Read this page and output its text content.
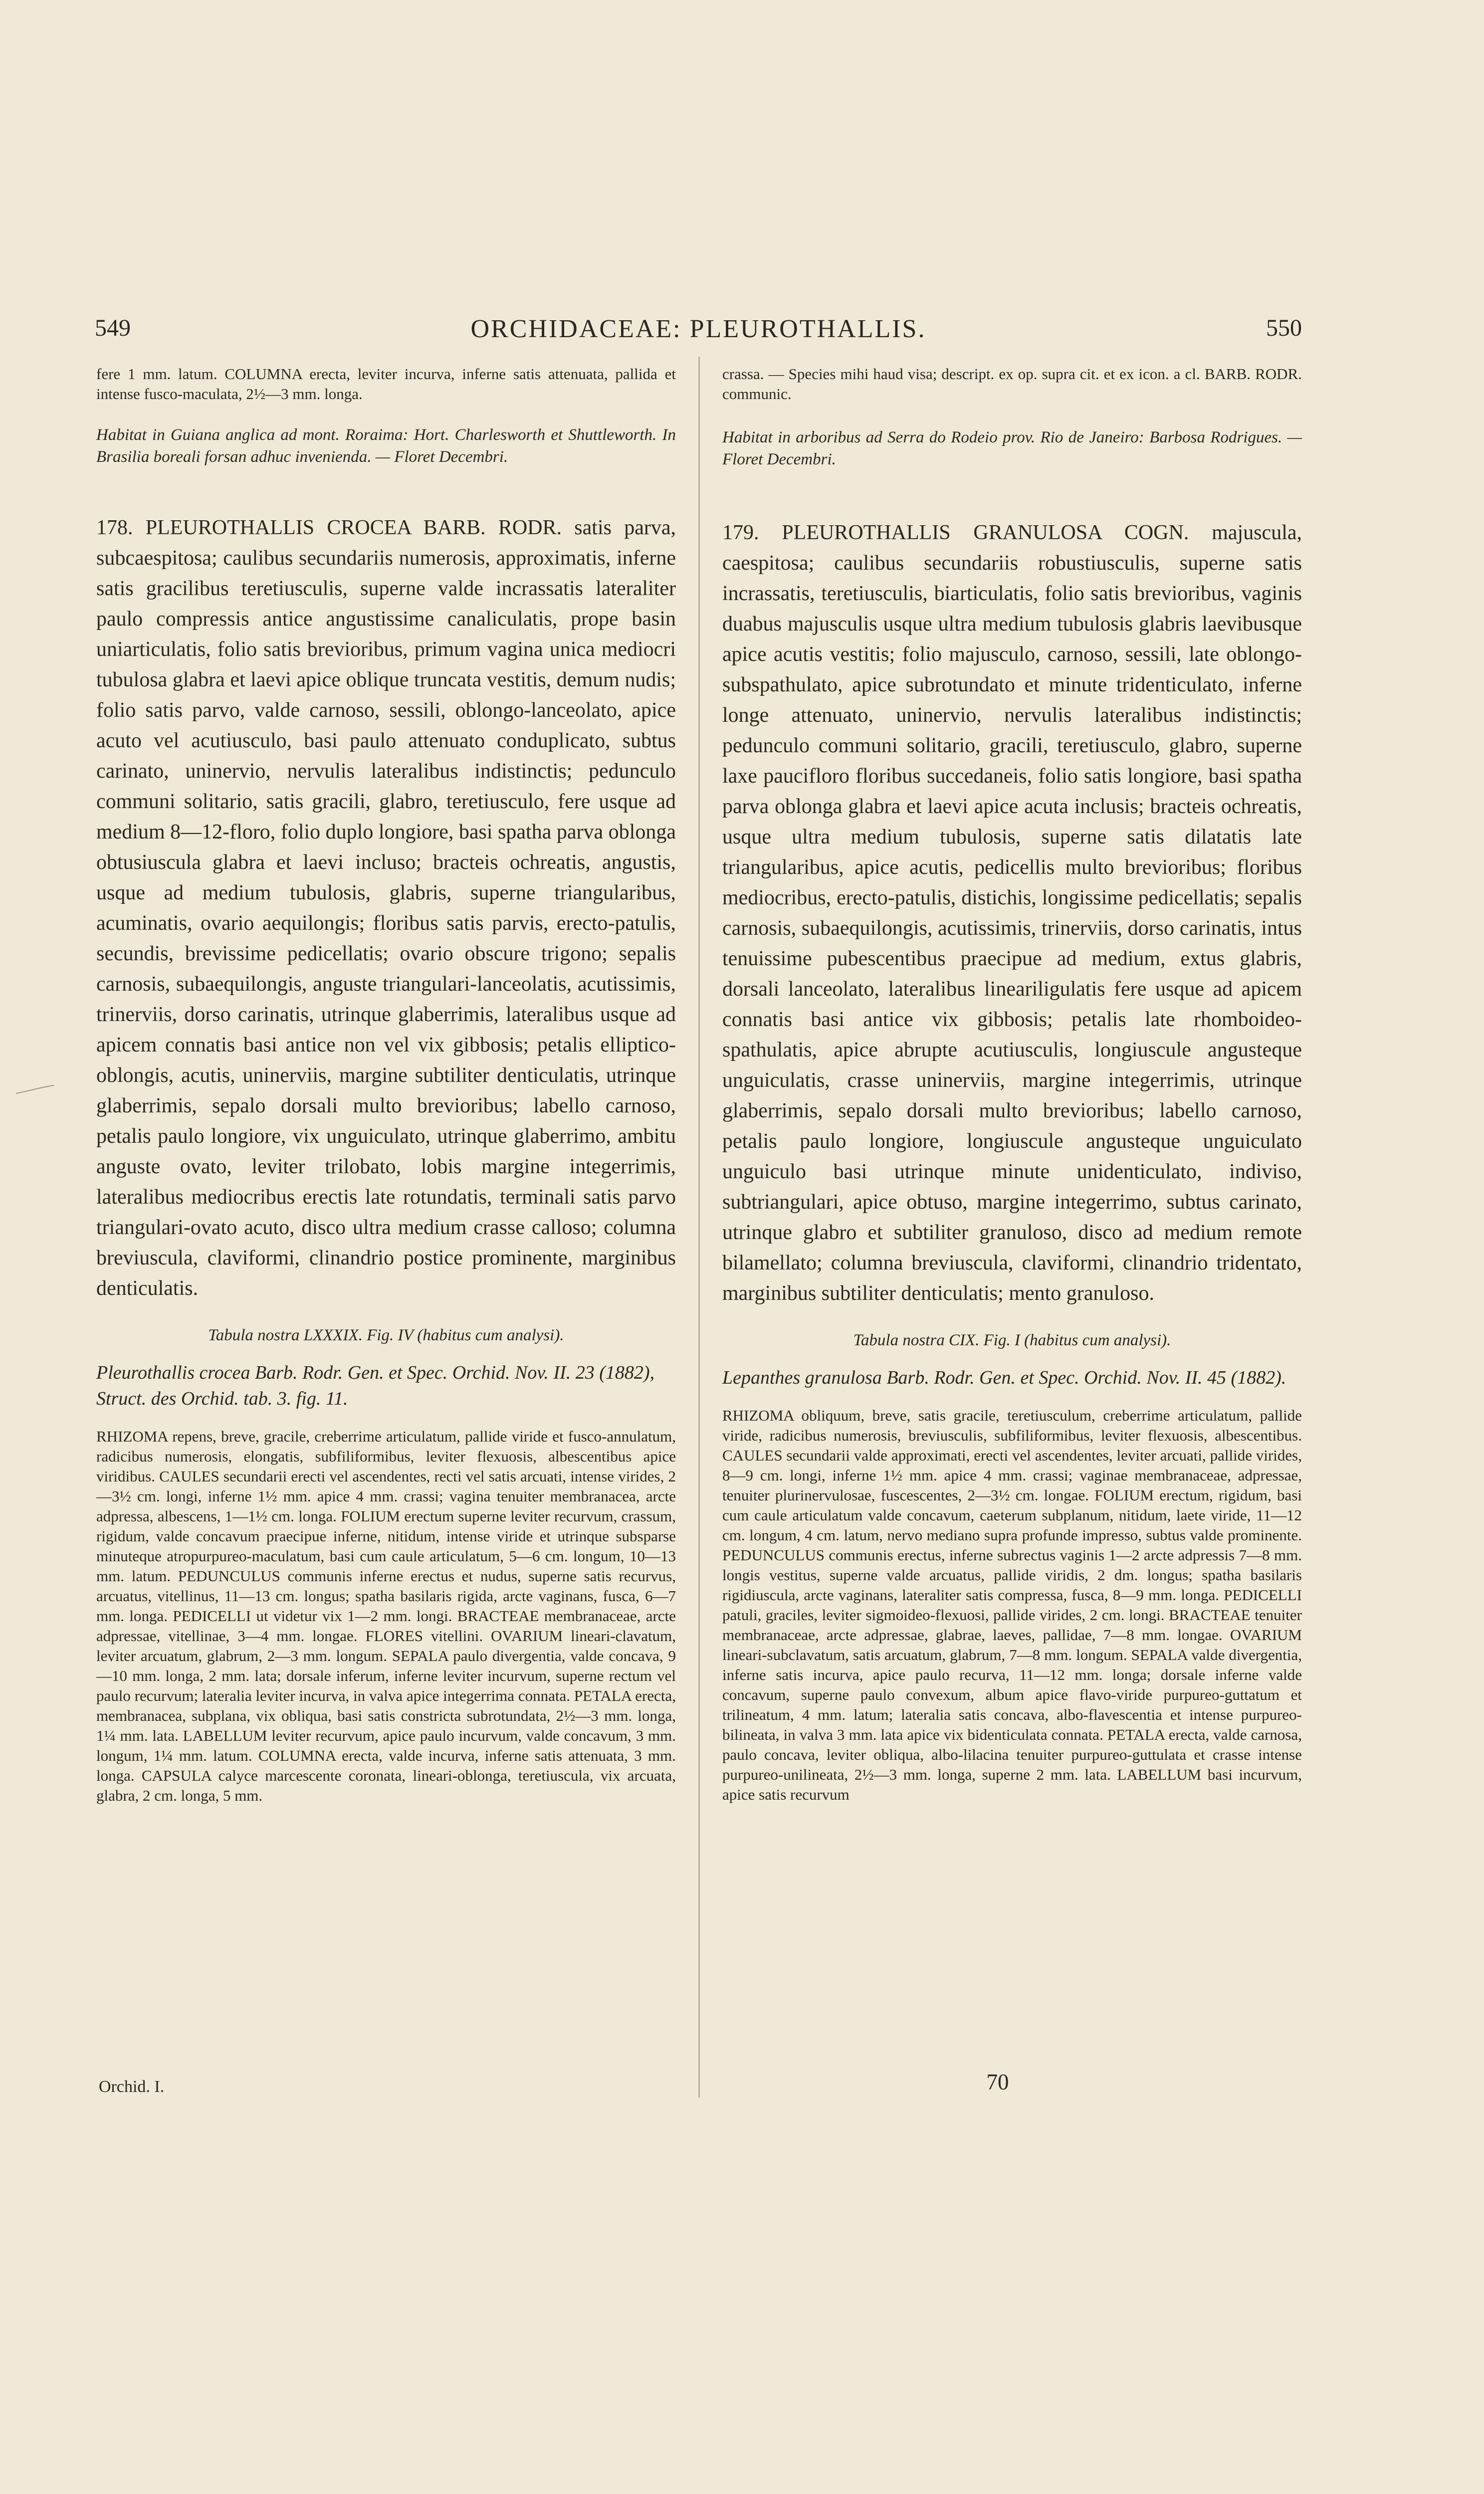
549	ORCHIDACEAE: PLEUROTHALLIS.	550

fere 1 mm. latum. COLUMNA erecta, leviter incurva, inferne satis attenuata, pallida et intense fusco-maculata, 2½—3 mm. longa.

Habitat in Guiana anglica ad mont. Roraima: Hort. Charlesworth et Shuttleworth. In Brasilia boreali forsan adhuc invenienda. — Floret Decembri.

178. PLEUROTHALLIS CROCEA BARB. RODR. satis parva, subcaespitosa; caulibus secundariis numerosis, approximatis, inferne satis gracilibus teretiusculis, superne valde incrassatis lateraliter paulo compressis antice angustissime canaliculatis, prope basin uniarticulatis, folio satis brevioribus, primum vagina unica mediocri tubulosa glabra et laevi apice oblique truncata vestitis, demum nudis; folio satis parvo, valde carnoso, sessili, oblongo-lanceolato, apice acuto vel acutiusculo, basi paulo attenuato conduplicato, subtus carinato, uninervio, nervulis lateralibus indistinctis; pedunculo communi solitario, satis gracili, glabro, teretiusculo, fere usque ad medium 8—12-floro, folio duplo longiore, basi spatha parva oblonga obtusiuscula glabra et laevi incluso; bracteis ochreatis, angustis, usque ad medium tubulosis, glabris, superne triangularibus, acuminatis, ovario aequilongis; floribus satis parvis, erecto-patulis, secundis, brevissime pedicellatis; ovario obscure trigono; sepalis carnosis, subaequilongis, anguste triangulari-lanceolatis, acutissimis, trinerviis, dorso carinatis, utrinque glaberrimis, lateralibus usque ad apicem connatis basi antice non vel vix gibbosis; petalis elliptico-oblongis, acutis, uninerviis, margine subtiliter denticulatis, utrinque glaberrimis, sepalo dorsali multo brevioribus; labello carnoso, petalis paulo longiore, vix unguiculato, utrinque glaberrimo, ambitu anguste ovato, leviter trilobato, lobis margine integerrimis, lateralibus mediocribus erectis late rotundatis, terminali satis parvo triangulari-ovato acuto, disco ultra medium crasse calloso; columna breviuscula, claviformi, clinandrio postice prominente, marginibus denticulatis.

Tabula nostra LXXXIX. Fig. IV (habitus cum analysi).

Pleurothallis crocea Barb. Rodr. Gen. et Spec. Orchid. Nov. II. 23 (1882), Struct. des Orchid. tab. 3. fig. 11.

RHIZOMA repens, breve, gracile, creberrime articulatum, pallide viride et fusco-annulatum, radicibus numerosis, elongatis, subfiliformibus, leviter flexuosis, albescentibus apice viridibus. CAULES secundarii erecti vel ascendentes, recti vel satis arcuati, intense virides, 2—3½ cm. longi, inferne 1½ mm. apice 4 mm. crassi; vagina tenuiter membranacea, arcte adpressa, albescens, 1—1½ cm. longa. FOLIUM erectum superne leviter recurvum, crassum, rigidum, valde concavum praecipue inferne, nitidum, intense viride et utrinque subsparse minuteque atropurpureo-maculatum, basi cum caule articulatum, 5—6 cm. longum, 10—13 mm. latum. PEDUNCULUS communis inferne erectus et nudus, superne satis recurvus, arcuatus, vitellinus, 11—13 cm. longus; spatha basilaris rigida, arcte vaginans, fusca, 6—7 mm. longa. PEDICELLI ut videtur vix 1—2 mm. longi. BRACTEAE membranaceae, arcte adpressae, vitellinae, 3—4 mm. longae. FLORES vitellini. OVARIUM lineari-clavatum, leviter arcuatum, glabrum, 2—3 mm. longum. SEPALA paulo divergentia, valde concava, 9—10 mm. longa, 2 mm. lata; dorsale inferum, inferne leviter incurvum, superne rectum vel paulo recurvum; lateralia leviter incurva, in valva apice integerrima connata. PETALA erecta, membranacea, subplana, vix obliqua, basi satis constricta subrotundata, 2½—3 mm. longa, 1¼ mm. lata. LABELLUM leviter recurvum, apice paulo incurvum, valde concavum, 3 mm. longum, 1¼ mm. latum. COLUMNA erecta, valde incurva, inferne satis attenuata, 3 mm. longa. CAPSULA calyce marcescente coronata, lineari-oblonga, teretiuscula, vix arcuata, glabra, 2 cm. longa, 5 mm.

crassa. — Species mihi haud visa; descript. ex op. supra cit. et ex icon. a cl. BARB. RODR. communic.

Habitat in arboribus ad Serra do Rodeio prov. Rio de Janeiro: Barbosa Rodrigues. — Floret Decembri.

179. PLEUROTHALLIS GRANULOSA COGN. majuscula, caespitosa; caulibus secundariis robustiusculis, superne satis incrassatis, teretiusculis, biarticulatis, folio satis brevioribus, vaginis duabus majusculis usque ultra medium tubulosis glabris laevibusque apice acutis vestitis; folio majusculo, carnoso, sessili, late oblongo-subspathulato, apice subrotundato et minute tridenticulato, inferne longe attenuato, uninervio, nervulis lateralibus indistinctis; pedunculo communi solitario, gracili, teretiusculo, glabro, superne laxe paucifloro floribus succedaneis, folio satis longiore, basi spatha parva oblonga glabra et laevi apice acuta inclusis; bracteis ochreatis, usque ultra medium tubulosis, superne satis dilatatis late triangularibus, apice acutis, pedicellis multo brevioribus; floribus mediocribus, erecto-patulis, distichis, longissime pedicellatis; sepalis carnosis, subaequilongis, acutissimis, trinerviis, dorso carinatis, intus tenuissime pubescentibus praecipue ad medium, extus glabris, dorsali lanceolato, lateralibus lineariligulatis fere usque ad apicem connatis basi antice vix gibbosis; petalis late rhomboideo-spathulatis, apice abrupte acutiusculis, longiuscule angusteque unguiculatis, crasse uninerviis, margine integerrimis, utrinque glaberrimis, sepalo dorsali multo brevioribus; labello carnoso, petalis paulo longiore, longiuscule angusteque unguiculato unguiculo basi utrinque minute unidenticulato, indiviso, subtriangulari, apice obtuso, margine integerrimo, subtus carinato, utrinque glabro et subtiliter granuloso, disco ad medium remote bilamellato; columna breviuscula, claviformi, clinandrio tridentato, marginibus subtiliter denticulatis; mento granuloso.

Tabula nostra CIX. Fig. I (habitus cum analysi).

Lepanthes granulosa Barb. Rodr. Gen. et Spec. Orchid. Nov. II. 45 (1882).

RHIZOMA obliquum, breve, satis gracile, teretiusculum, creberrime articulatum, pallide viride, radicibus numerosis, breviusculis, subfiliformibus, leviter flexuosis, albescentibus. CAULES secundarii valde approximati, erecti vel ascendentes, leviter arcuati, pallide virides, 8—9 cm. longi, inferne 1½ mm. apice 4 mm. crassi; vaginae membranaceae, adpressae, tenuiter plurinervulosae, fuscescentes, 2—3½ cm. longae. FOLIUM erectum, rigidum, basi cum caule articulatum valde concavum, caeterum subplanum, nitidum, laete viride, 11—12 cm. longum, 4 cm. latum, nervo mediano supra profunde impresso, subtus valde prominente. PEDUNCULUS communis erectus, inferne subrectus vaginis 1—2 arcte adpressis 7—8 mm. longis vestitus, superne valde arcuatus, pallide viridis, 2 dm. longus; spatha basilaris rigidiuscula, arcte vaginans, lateraliter satis compressa, fusca, 8—9 mm. longa. PEDICELLI patuli, graciles, leviter sigmoideo-flexuosi, pallide virides, 2 cm. longi. BRACTEAE tenuiter membranaceae, arcte adpressae, glabrae, laeves, pallidae, 7—8 mm. longae. OVARIUM lineari-subclavatum, satis arcuatum, glabrum, 7—8 mm. longum. SEPALA valde divergentia, inferne satis incurva, apice paulo recurva, 11—12 mm. longa; dorsale inferne valde concavum, superne paulo convexum, album apice flavo-viride purpureo-guttatum et trilineatum, 4 mm. latum; lateralia satis concava, albo-flavescentia et intense purpureo-bilineata, in valva 3 mm. lata apice vix bidenticulata connata. PETALA erecta, valde carnosa, paulo concava, leviter obliqua, albo-lilacina tenuiter purpureo-guttulata et crasse intense purpureo-unilineata, 2½—3 mm. longa, superne 2 mm. lata. LABELLUM basi incurvum, apice satis recurvum

Orchid. I.	70
